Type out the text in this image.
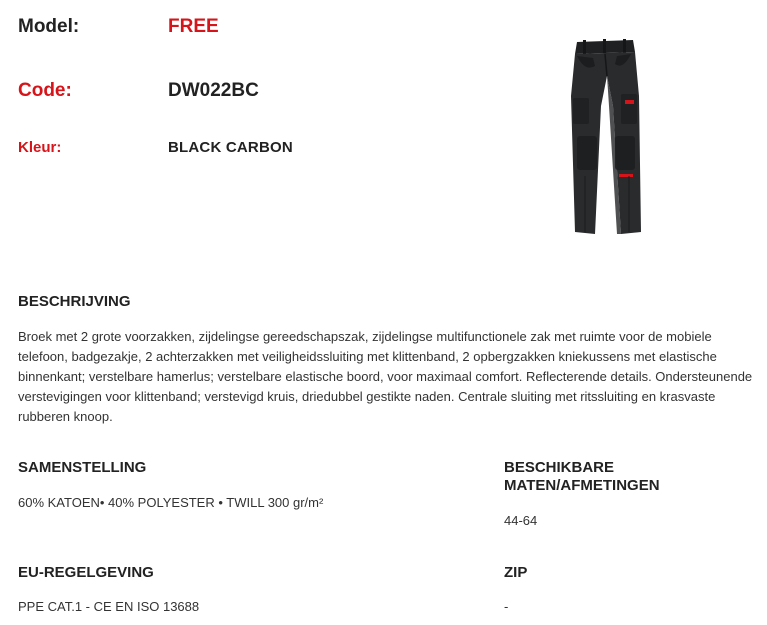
Model:	FREE
Code:	DW022BC
Kleur:	BLACK CARBON
BESCHRIJVING
Broek met 2 grote voorzakken, zijdelingse gereedschapszak, zijdelingse multifunctionele zak met ruimte voor de mobiele telefoon, badgezakje, 2 achterzakken met veiligheidssluiting met klittenband, 2 opbergzakken kniekussens met elastische binnenkant; verstelbare hamerlus; verstelbare elastische boord, voor maximaal comfort. Reflecterende details. Ondersteunende verstevigingen voor klittenband; verstevigd kruis, driedubbel gestikte naden. Centrale sluiting met ritssluiting en krasvaste rubberen knoop.
SAMENSTELLING
60% KATOEN• 40% POLYESTER • TWILL 300 gr/m²
BESCHIKBARE MATEN/AFMETINGEN
44-64
EU-REGELGEVING
PPE CAT.1 - CE EN ISO 13688
ZIP
-
